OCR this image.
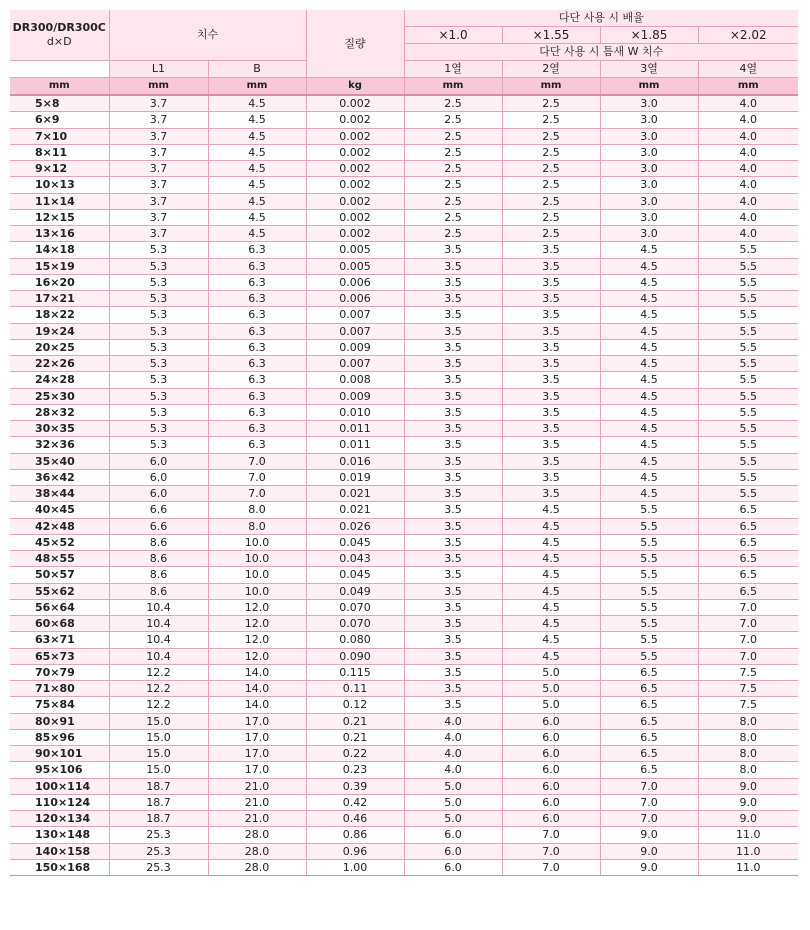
DR300/DR300C
d×D	치수		질량	다단 사용 시 배율			
				×1.0	×1.55	×1.85	×2.02
				다단 사용 시 틈새 W 치수			
	L1	B		1열	2열	3열	4열
mm	mm	mm	kg	mm	mm	mm	mm
5×8	3.7	4.5	0.002	2.5	2.5	3.0	4.0
6×9	3.7	4.5	0.002	2.5	2.5	3.0	4.0
7×10	3.7	4.5	0.002	2.5	2.5	3.0	4.0
8×11	3.7	4.5	0.002	2.5	2.5	3.0	4.0
9×12	3.7	4.5	0.002	2.5	2.5	3.0	4.0
10×13	3.7	4.5	0.002	2.5	2.5	3.0	4.0
11×14	3.7	4.5	0.002	2.5	2.5	3.0	4.0
12×15	3.7	4.5	0.002	2.5	2.5	3.0	4.0
13×16	3.7	4.5	0.002	2.5	2.5	3.0	4.0
14×18	5.3	6.3	0.005	3.5	3.5	4.5	5.5
15×19	5.3	6.3	0.005	3.5	3.5	4.5	5.5
16×20	5.3	6.3	0.006	3.5	3.5	4.5	5.5
17×21	5.3	6.3	0.006	3.5	3.5	4.5	5.5
18×22	5.3	6.3	0.007	3.5	3.5	4.5	5.5
19×24	5.3	6.3	0.007	3.5	3.5	4.5	5.5
20×25	5.3	6.3	0.009	3.5	3.5	4.5	5.5
22×26	5.3	6.3	0.007	3.5	3.5	4.5	5.5
24×28	5.3	6.3	0.008	3.5	3.5	4.5	5.5
25×30	5.3	6.3	0.009	3.5	3.5	4.5	5.5
28×32	5.3	6.3	0.010	3.5	3.5	4.5	5.5
30×35	5.3	6.3	0.011	3.5	3.5	4.5	5.5
32×36	5.3	6.3	0.011	3.5	3.5	4.5	5.5
35×40	6.0	7.0	0.016	3.5	3.5	4.5	5.5
36×42	6.0	7.0	0.019	3.5	3.5	4.5	5.5
38×44	6.0	7.0	0.021	3.5	3.5	4.5	5.5
40×45	6.6	8.0	0.021	3.5	4.5	5.5	6.5
42×48	6.6	8.0	0.026	3.5	4.5	5.5	6.5
45×52	8.6	10.0	0.045	3.5	4.5	5.5	6.5
48×55	8.6	10.0	0.043	3.5	4.5	5.5	6.5
50×57	8.6	10.0	0.045	3.5	4.5	5.5	6.5
55×62	8.6	10.0	0.049	3.5	4.5	5.5	6.5
56×64	10.4	12.0	0.070	3.5	4.5	5.5	7.0
60×68	10.4	12.0	0.070	3.5	4.5	5.5	7.0
63×71	10.4	12.0	0.080	3.5	4.5	5.5	7.0
65×73	10.4	12.0	0.090	3.5	4.5	5.5	7.0
70×79	12.2	14.0	0.115	3.5	5.0	6.5	7.5
71×80	12.2	14.0	0.11	3.5	5.0	6.5	7.5
75×84	12.2	14.0	0.12	3.5	5.0	6.5	7.5
80×91	15.0	17.0	0.21	4.0	6.0	6.5	8.0
85×96	15.0	17.0	0.21	4.0	6.0	6.5	8.0
90×101	15.0	17.0	0.22	4.0	6.0	6.5	8.0
95×106	15.0	17.0	0.23	4.0	6.0	6.5	8.0
100×114	18.7	21.0	0.39	5.0	6.0	7.0	9.0
110×124	18.7	21.0	0.42	5.0	6.0	7.0	9.0
120×134	18.7	21.0	0.46	5.0	6.0	7.0	9.0
130×148	25.3	28.0	0.86	6.0	7.0	9.0	11.0
140×158	25.3	28.0	0.96	6.0	7.0	9.0	11.0
150×168	25.3	28.0	1.00	6.0	7.0	9.0	11.0
